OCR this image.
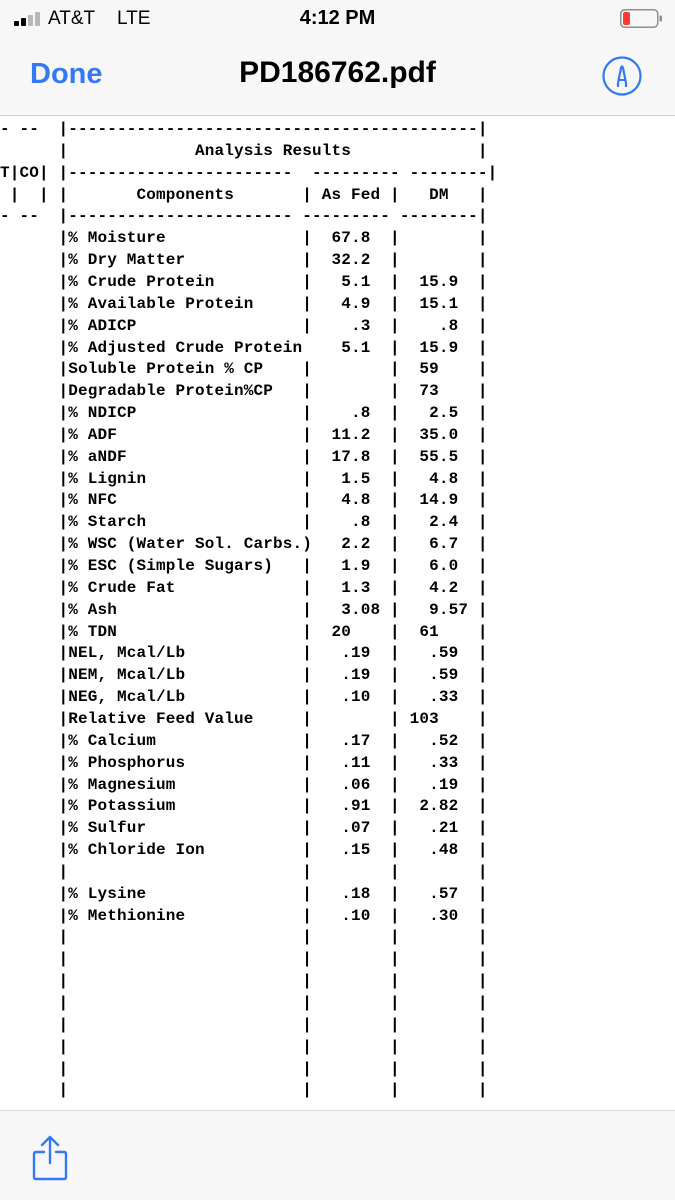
AT&T LTE	4:12 PM
Done	PD186762.pdf
- --  |------------------------------------------|
|             Analysis Results             |
T|CO| |-----------------------  --------- --------|
|  | |       Components       | As Fed |   DM   |
- --  |----------------------- --------- --------|
|% Moisture              |  67.8  |        |
|% Dry Matter            |  32.2  |        |
|% Crude Protein         |   5.1  |  15.9  |
|% Available Protein     |   4.9  |  15.1  |
|% ADICP                 |    .3  |    .8  |
|% Adjusted Crude Protein    5.1  |  15.9  |
|Soluble Protein % CP    |        |  59    |
|Degradable Protein%CP   |        |  73    |
|% NDICP                 |    .8  |   2.5  |
|% ADF                   |  11.2  |  35.0  |
|% aNDF                  |  17.8  |  55.5  |
|% Lignin                |   1.5  |   4.8  |
|% NFC                   |   4.8  |  14.9  |
|% Starch                |    .8  |   2.4  |
|% WSC (Water Sol. Carbs.)   2.2  |   6.7  |
|% ESC (Simple Sugars)   |   1.9  |   6.0  |
|% Crude Fat             |   1.3  |   4.2  |
|% Ash                   |   3.08 |   9.57 |
|% TDN                   |  20    |  61    |
|NEL, Mcal/Lb            |   .19  |   .59  |
|NEM, Mcal/Lb            |   .19  |   .59  |
|NEG, Mcal/Lb            |   .10  |   .33  |
|Relative Feed Value     |        | 103    |
|% Calcium               |   .17  |   .52  |
|% Phosphorus            |   .11  |   .33  |
|% Magnesium             |   .06  |   .19  |
|% Potassium             |   .91  |  2.82  |
|% Sulfur                |   .07  |   .21  |
|% Chloride Ion          |   .15  |   .48  |
|                        |        |        |
|% Lysine                |   .18  |   .57  |
|% Methionine            |   .10  |   .30  |
|                        |        |        |
|                        |        |        |
|                        |        |        |
|                        |        |        |
|                        |        |        |
|                        |        |        |
|                        |        |        |
|                        |        |        |
